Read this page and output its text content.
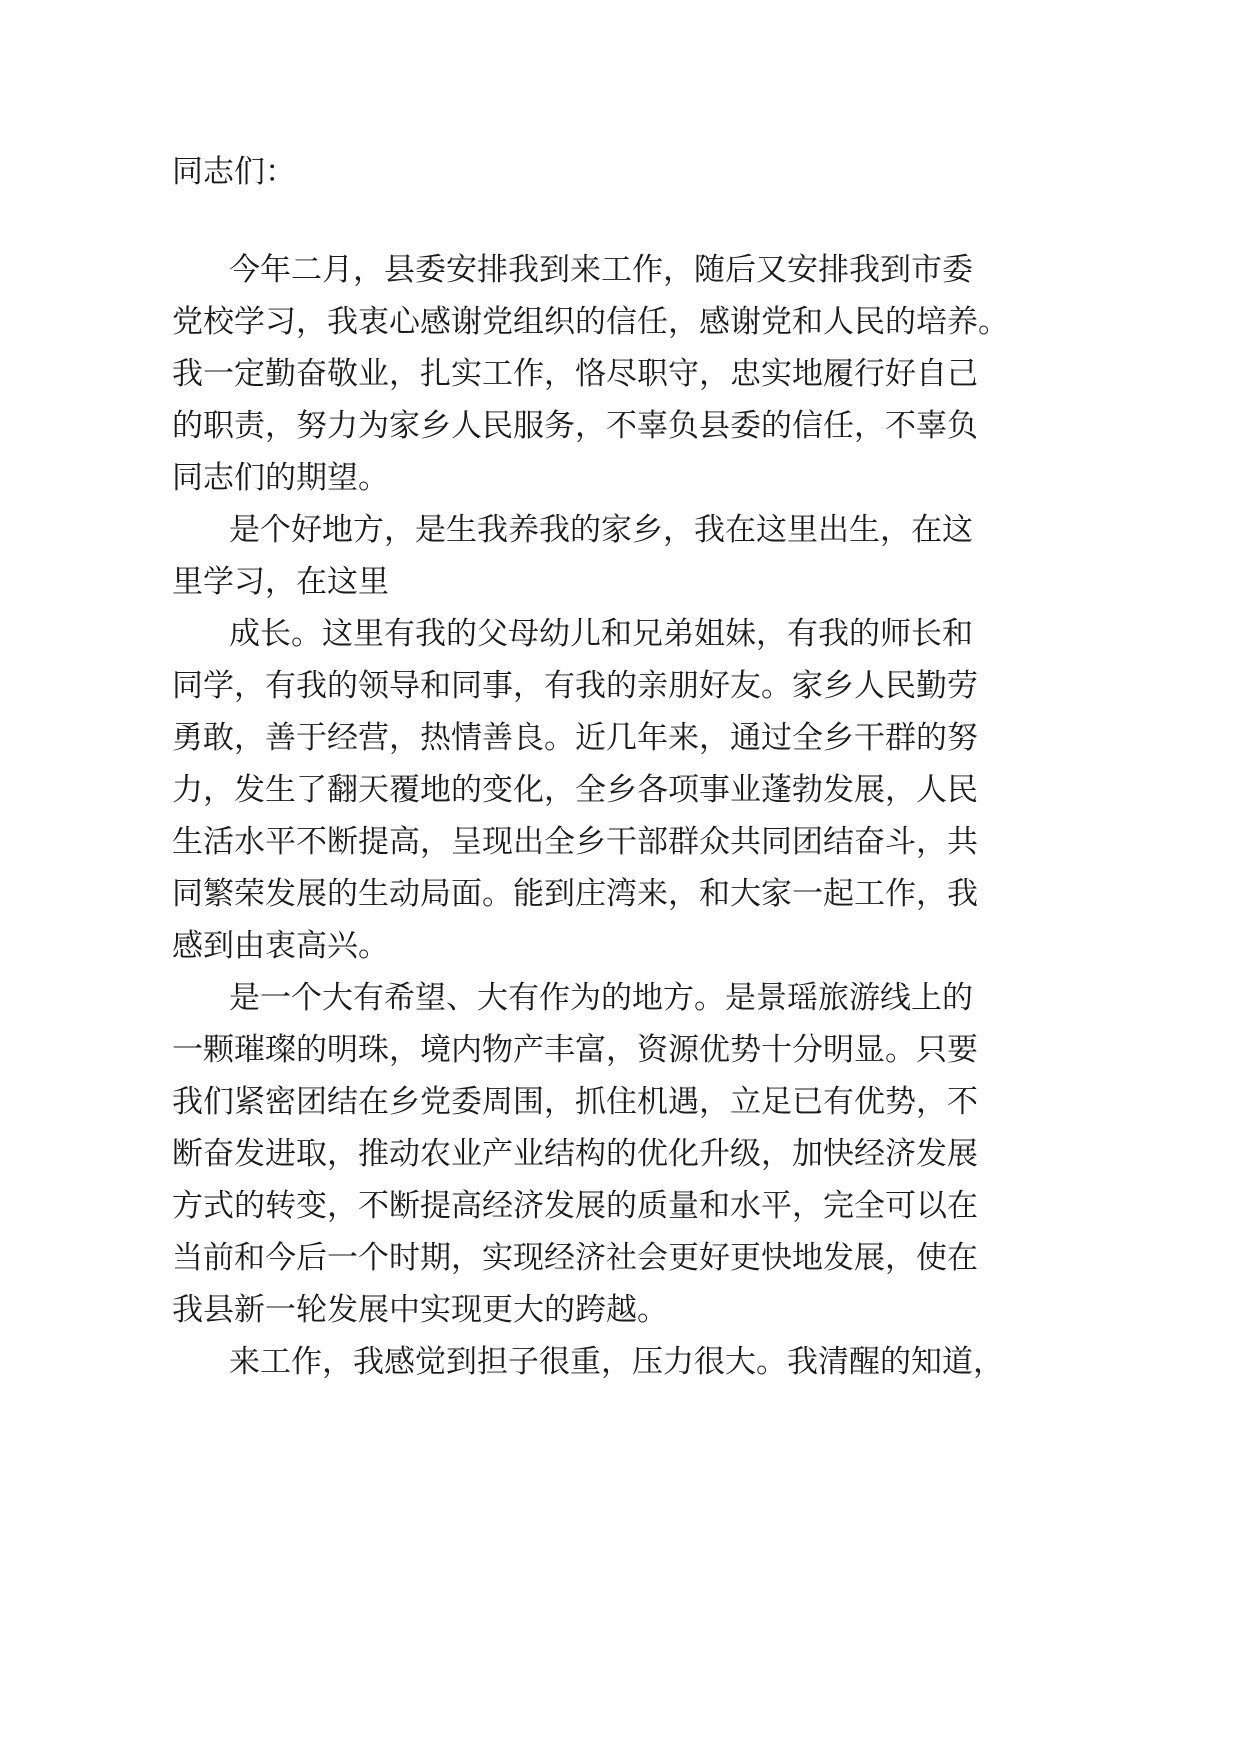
同志们：
今年二月，县委安排我到来工作，随后又安排我到市委
党校学习，我衷心感谢党组织的信任，感谢党和人民的培养。
我一定勤奋敬业，扎实工作，恪尽职守，忠实地履行好自己
的职责，努力为家乡人民服务，不辜负县委的信任，不辜负
同志们的期望。
是个好地方，是生我养我的家乡，我在这里出生，在这
里学习，在这里
成长。这里有我的父母幼儿和兄弟姐妹，有我的师长和
同学，有我的领导和同事，有我的亲朋好友。家乡人民勤劳
勇敢，善于经营，热情善良。近几年来，通过全乡干群的努
力，发生了翻天覆地的变化，全乡各项事业蓬勃发展，人民
生活水平不断提高，呈现出全乡干部群众共同团结奋斗，共
同繁荣发展的生动局面。能到庄湾来，和大家一起工作，我
感到由衷高兴。
是一个大有希望、大有作为的地方。是景瑶旅游线上的
一颗璀璨的明珠，境内物产丰富，资源优势十分明显。只要
我们紧密团结在乡党委周围，抓住机遇，立足已有优势，不
断奋发进取，推动农业产业结构的优化升级，加快经济发展
方式的转变，不断提高经济发展的质量和水平，完全可以在
当前和今后一个时期，实现经济社会更好更快地发展，使在
我县新一轮发展中实现更大的跨越。
来工作，我感觉到担子很重，压力很大。我清醒的知道，
